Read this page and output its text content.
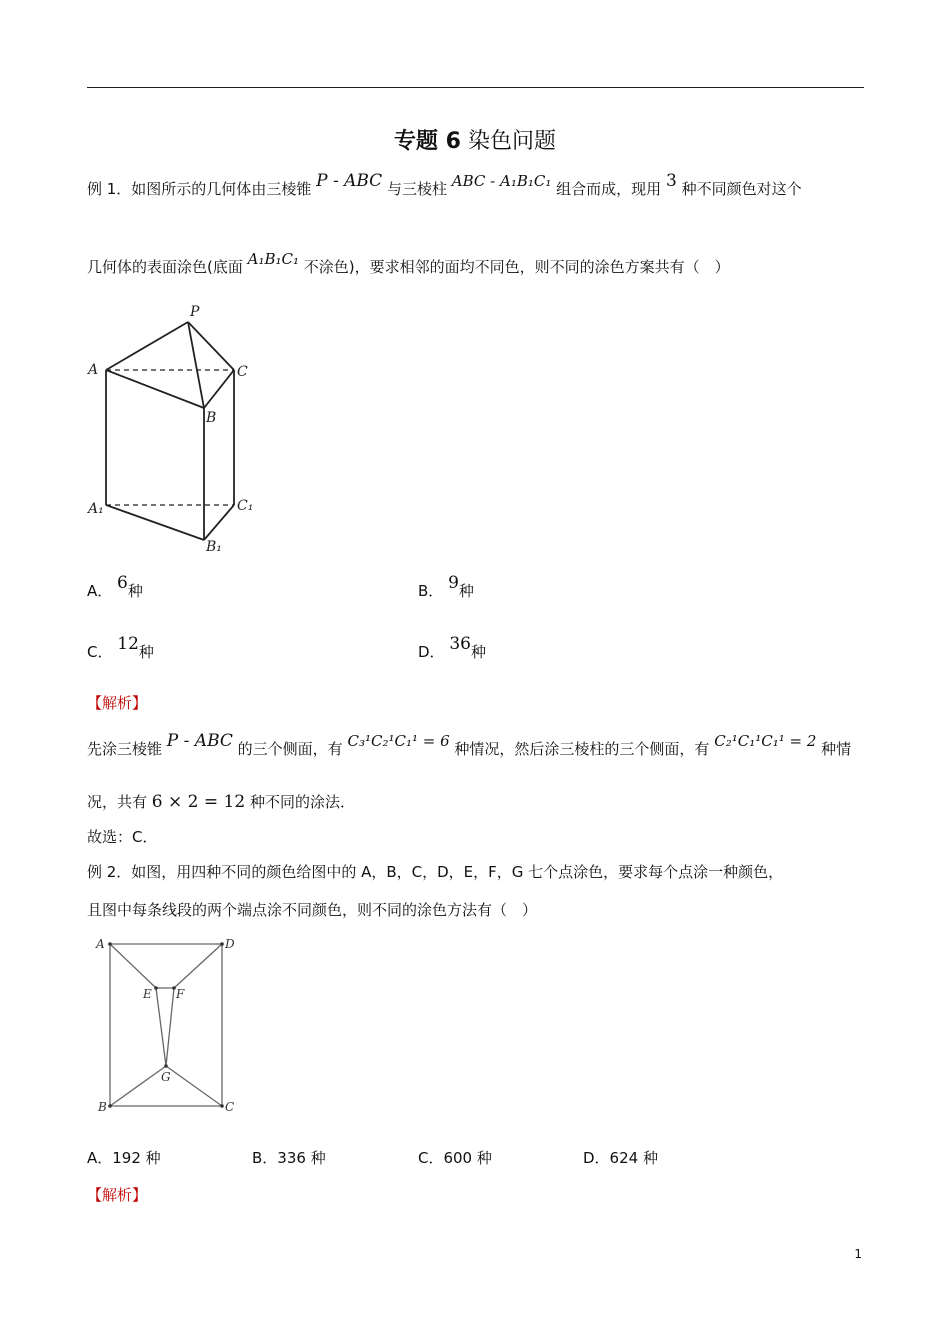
专题 6 染色问题
例 1．如图所示的几何体由三棱锥 P - ABC 与三棱柱 ABC - A₁B₁C₁ 组合而成，现用 3 种不同颜色对这个
几何体的表面涂色(底面 A₁B₁C₁ 不涂色)，要求相邻的面均不同色，则不同的涂色方案共有（　）
P
A	C
B
A₁	C₁
B₁
A． 6种	B． 9种
C． 12种	D． 36种
【解析】
先涂三棱锥 P - ABC 的三个侧面，有 C₃¹C₂¹C₁¹ = 6 种情况，然后涂三棱柱的三个侧面，有 C₂¹C₁¹C₁¹ = 2 种情
况，共有 6 × 2 = 12 种不同的涂法．
故选：C．
例 2．如图，用四种不同的颜色给图中的 A，B，C，D，E，F，G 七个点涂色，要求每个点涂一种颜色，
且图中每条线段的两个端点涂不同颜色，则不同的涂色方法有（　）
A	D
E F
G
B	C
A．192 种	B．336 种	C．600 种	D．624 种
【解析】
1
